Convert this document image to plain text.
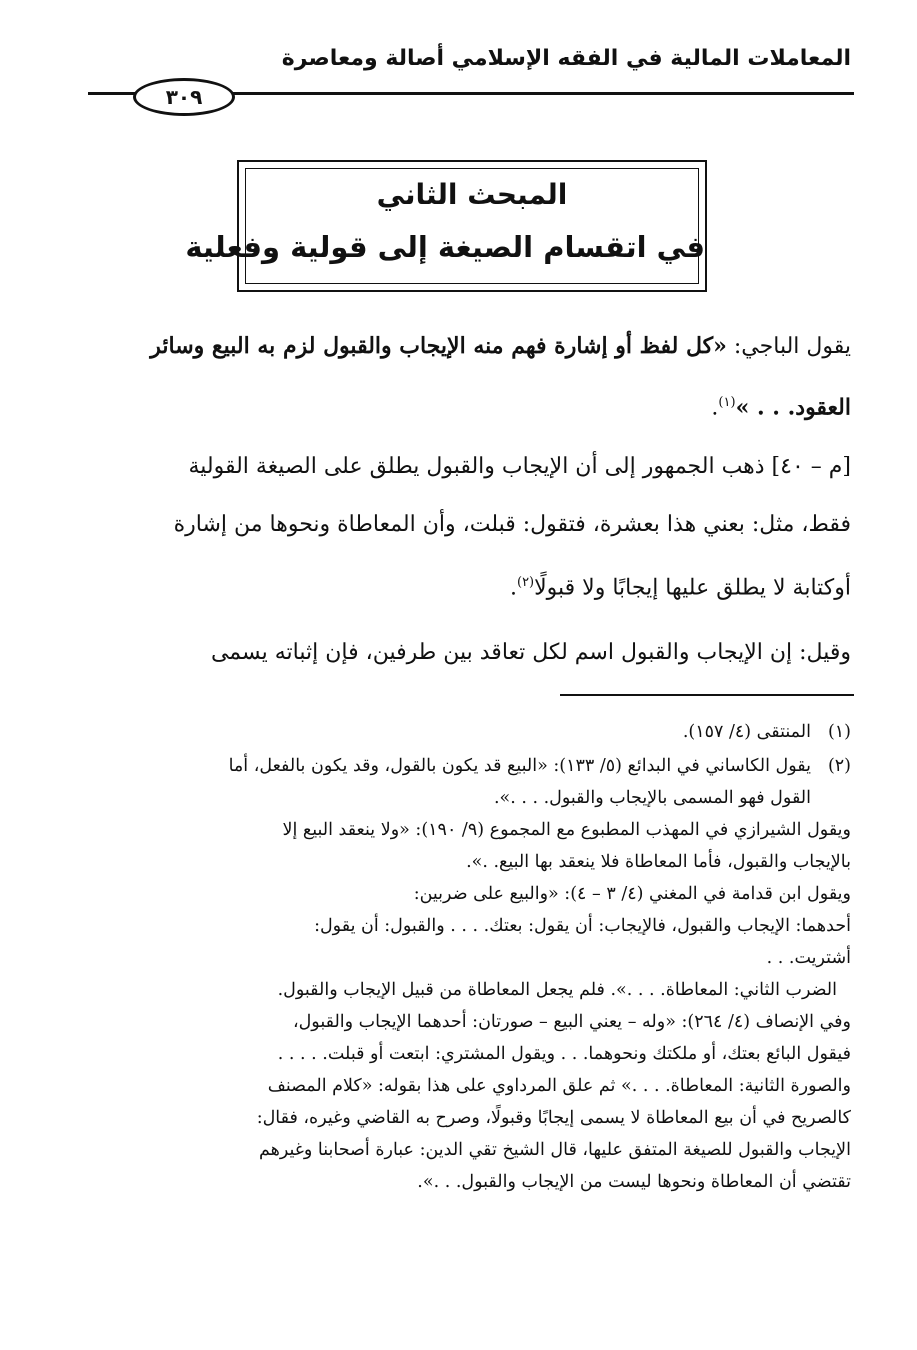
المعاملات المالية في الفقه الإسلامي أصالة ومعاصرة
٣٠٩
المبحث الثاني
في اتقسام الصيغة إلى قولية وفعلية

يقول الباجي: «كل لفظ أو إشارة فهم منه الإيجاب والقبول لزم به البيع وسائر

العقود. . . »$^{(١)}$.

[م – ٤٠] ذهب الجمهور إلى أن الإيجاب والقبول يطلق على الصيغة القولية

فقط، مثل: بعني هذا بعشرة، فتقول: قبلت، وأن المعاطاة ونحوها من إشارة

أوكتابة لا يطلق عليها إيجابًا ولا قبولًا$^{(٢)}$.

وقيل: إن الإيجاب والقبول اسم لكل تعاقد بين طرفين، فإن إثباته يسمى

(١)
المنتقى (٤/ ١٥٧).
(٢)
يقول الكاساني في البدائع (٥/ ١٣٣): «البيع قد يكون بالقول، وقد يكون بالفعل، أما
القول فهو المسمى بالإيجاب والقبول. . . .».
ويقول الشيرازي في المهذب المطبوع مع المجموع (٩/ ١٩٠): «ولا ينعقد البيع إلا
بالإيجاب والقبول، فأما المعاطاة فلا ينعقد بها البيع. .».
ويقول ابن قدامة في المغني (٤/ ٣ – ٤): «والبيع على ضربين:
أحدهما: الإيجاب والقبول، فالإيجاب: أن يقول: بعتك. . . . والقبول: أن يقول:
أشتريت. . .
الضرب الثاني: المعاطاة. . . .». فلم يجعل المعاطاة من قبيل الإيجاب والقبول.
وفي الإنصاف (٤/ ٢٦٤): «وله – يعني البيع – صورتان: أحدهما الإيجاب والقبول،
فيقول البائع بعتك، أو ملكتك ونحوهما. . . ويقول المشتري: ابتعت أو قبلت. . . . .
والصورة الثانية: المعاطاة. . . .» ثم علق المرداوي على هذا بقوله: «كلام المصنف
كالصريح في أن بيع المعاطاة لا يسمى إيجابًا وقبولًا، وصرح به القاضي وغيره، فقال:
الإيجاب والقبول للصيغة المتفق عليها، قال الشيخ تقي الدين: عبارة أصحابنا وغيرهم
تقتضي أن المعاطاة ونحوها ليست من الإيجاب والقبول. . .».
